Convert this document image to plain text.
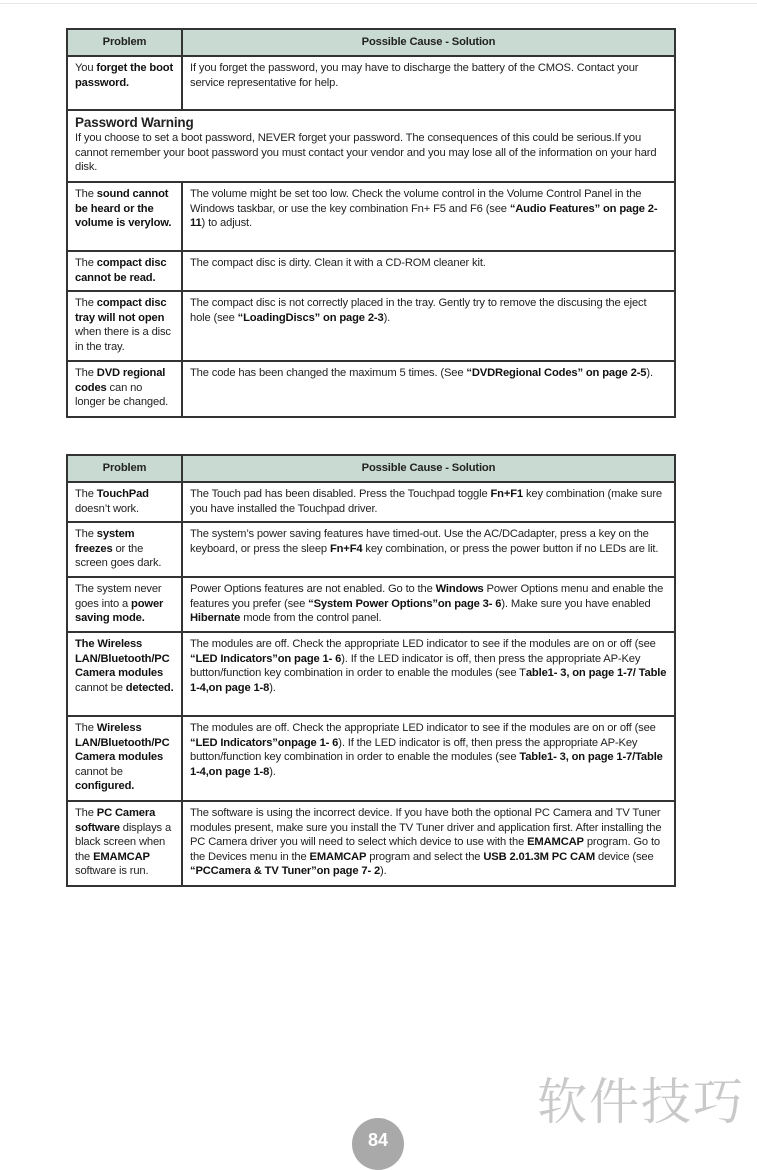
Problem	Possible Cause - Solution
You forget the boot password.	If you forget the password, you may have to discharge the battery of the CMOS. Contact your service representative for help.

Password Warning
If you choose to set a boot password, NEVER forget your password. The consequences of this could be serious.If you cannot remember your boot password you must contact your vendor and you may lose all of the information on your hard disk.	

The sound cannot be heard or the volume is verylow.	The volume might be set too low. Check the volume control in the Volume Control Panel in the Windows taskbar, or use the key combination Fn+ F5 and F6 (see “Audio Features” on page 2-11) to adjust.
The compact disc cannot be read.	The compact disc is dirty. Clean it with a CD-ROM cleaner kit.
The compact disc tray will not open when there is a disc in the tray.	The compact disc is not correctly placed in the tray. Gently try to remove the discusing the eject hole (see “LoadingDiscs” on page 2-3).
The DVD regional codes can no longer be changed.	The code has been changed the maximum 5 times. (See “DVDRegional Codes” on page 2-5).
Problem	Possible Cause - Solution
The TouchPad doesn’t work.	The Touch pad has been disabled. Press the Touchpad toggle Fn+F1 key combination (make sure you have installed the Touchpad driver.
The system freezes or the screen goes dark.	The system’s power saving features have timed-out. Use the AC/DCadapter, press a key on the keyboard, or press the sleep Fn+F4 key combination, or press the power button if no LEDs are lit.
The system never goes into a power saving mode.	Power Options features are not enabled. Go to the Windows Power Options menu and enable the features you prefer (see “System Power Options”on page 3- 6). Make sure you have enabled Hibernate mode from the control panel.
The Wireless LAN/Bluetooth/PC Camera modules cannot be detected.	The modules are off. Check the appropriate LED indicator to see if the modules are on or off (see “LED Indicators”on page 1- 6). If the LED indicator is off, then press the appropriate AP-Key button/function key combination in order to enable the modules (see Table1- 3, on page 1-7/ Table 1-4,on page 1-8).
The Wireless LAN/Bluetooth/PC Camera modules cannot be configured.	The modules are off. Check the appropriate LED indicator to see if the modules are on or off (see “LED Indicators”onpage 1- 6). If the LED indicator is off, then press the appropriate AP-Key button/function key combination in order to enable the modules (see Table1- 3, on page 1-7/Table 1-4,on page 1-8).
The PC Camera software displays a black screen when the EMAMCAP software is run.	The software is using the incorrect device. If you have both the optional PC Camera and TV Tuner modules present, make sure you install the TV Tuner driver and application first. After installing the PC Camera driver you will need to select which device to use with the EMAMCAP program. Go to the Devices menu in the EMAMCAP program and select the USB 2.01.3M PC CAM device (see “PCCamera & TV Tuner”on page 7- 2).
软件技巧
84
